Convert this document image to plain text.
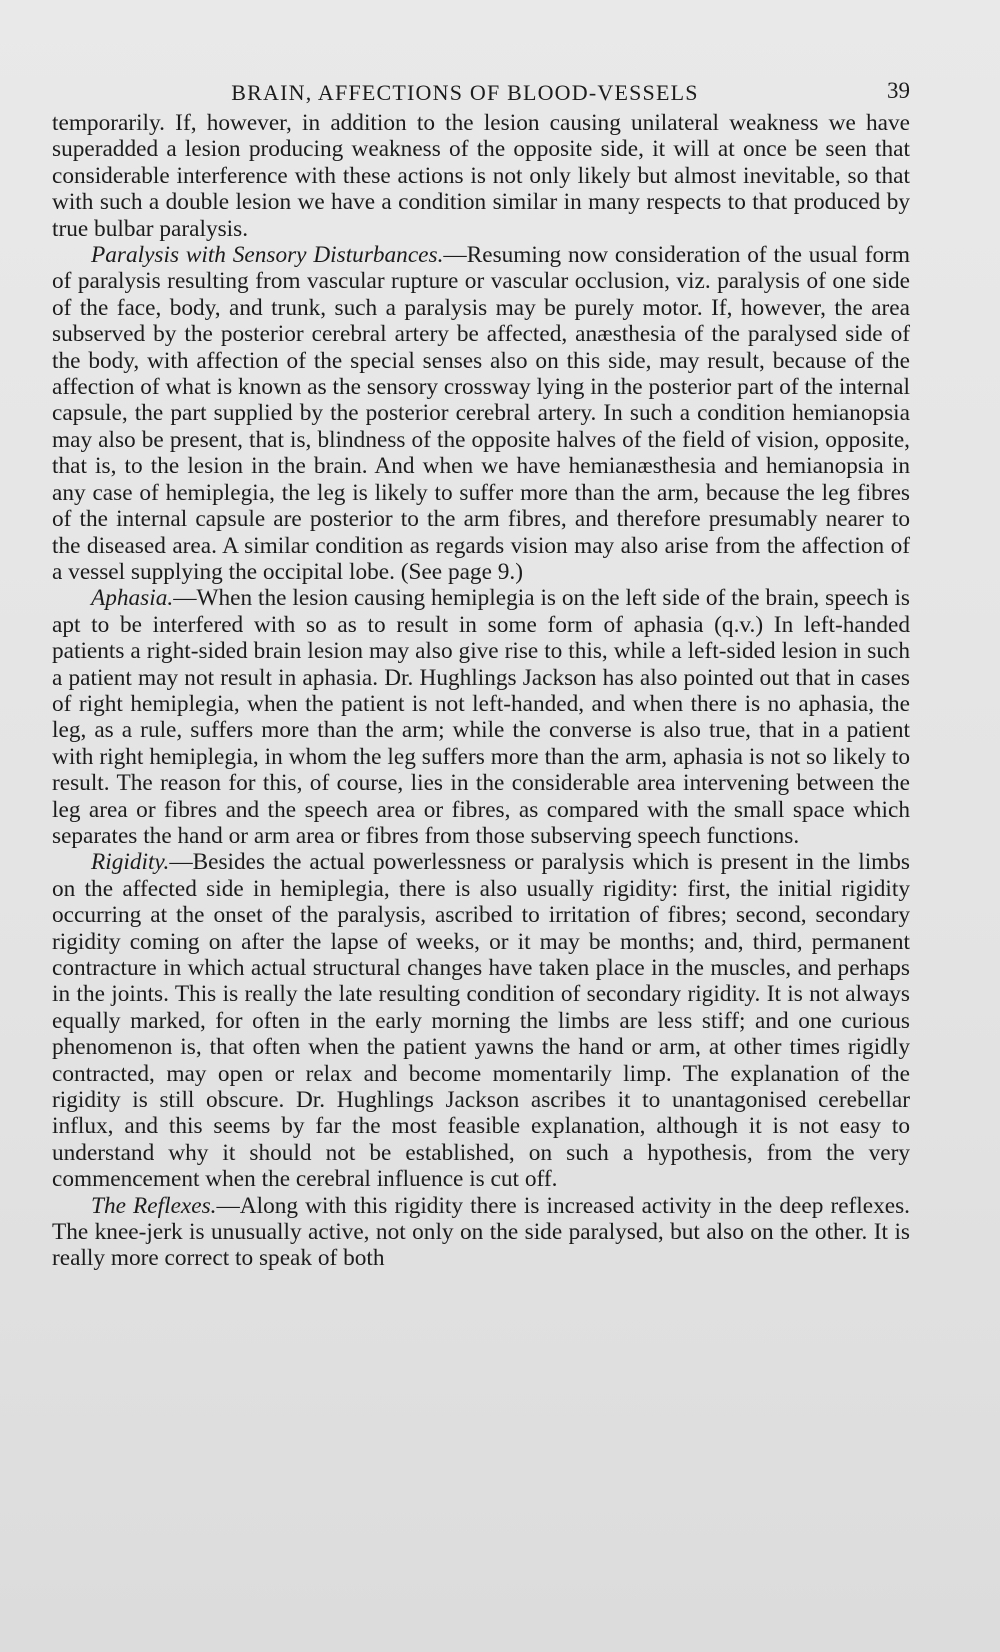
BRAIN, AFFECTIONS OF BLOOD-VESSELS	39

temporarily. If, however, in addition to the lesion causing unilateral weakness we have superadded a lesion producing weakness of the opposite side, it will at once be seen that considerable interference with these actions is not only likely but almost inevitable, so that with such a double lesion we have a condition similar in many respects to that produced by true bulbar paralysis.

Paralysis with Sensory Disturbances.—Resuming now consideration of the usual form of paralysis resulting from vascular rupture or vascular occlusion, viz. paralysis of one side of the face, body, and trunk, such a paralysis may be purely motor. If, however, the area subserved by the posterior cerebral artery be affected, anæsthesia of the paralysed side of the body, with affection of the special senses also on this side, may result, because of the affection of what is known as the sensory crossway lying in the posterior part of the internal capsule, the part supplied by the posterior cerebral artery. In such a condition hemianopsia may also be present, that is, blindness of the opposite halves of the field of vision, opposite, that is, to the lesion in the brain. And when we have hemianæsthesia and hemianopsia in any case of hemiplegia, the leg is likely to suffer more than the arm, because the leg fibres of the internal capsule are posterior to the arm fibres, and therefore presumably nearer to the diseased area. A similar condition as regards vision may also arise from the affection of a vessel supplying the occipital lobe. (See page 9.)

Aphasia.—When the lesion causing hemiplegia is on the left side of the brain, speech is apt to be interfered with so as to result in some form of aphasia (q.v.) In left-handed patients a right-sided brain lesion may also give rise to this, while a left-sided lesion in such a patient may not result in aphasia. Dr. Hughlings Jackson has also pointed out that in cases of right hemiplegia, when the patient is not left-handed, and when there is no aphasia, the leg, as a rule, suffers more than the arm; while the converse is also true, that in a patient with right hemiplegia, in whom the leg suffers more than the arm, aphasia is not so likely to result. The reason for this, of course, lies in the considerable area intervening between the leg area or fibres and the speech area or fibres, as compared with the small space which separates the hand or arm area or fibres from those subserving speech functions.

Rigidity.—Besides the actual powerlessness or paralysis which is present in the limbs on the affected side in hemiplegia, there is also usually rigidity: first, the initial rigidity occurring at the onset of the paralysis, ascribed to irritation of fibres; second, secondary rigidity coming on after the lapse of weeks, or it may be months; and, third, permanent contracture in which actual structural changes have taken place in the muscles, and perhaps in the joints. This is really the late resulting condition of secondary rigidity. It is not always equally marked, for often in the early morning the limbs are less stiff; and one curious phenomenon is, that often when the patient yawns the hand or arm, at other times rigidly contracted, may open or relax and become momentarily limp. The explanation of the rigidity is still obscure. Dr. Hughlings Jackson ascribes it to unantagonised cerebellar influx, and this seems by far the most feasible explanation, although it is not easy to understand why it should not be established, on such a hypothesis, from the very commencement when the cerebral influence is cut off.

The Reflexes.—Along with this rigidity there is increased activity in the deep reflexes. The knee-jerk is unusually active, not only on the side paralysed, but also on the other. It is really more correct to speak of both
